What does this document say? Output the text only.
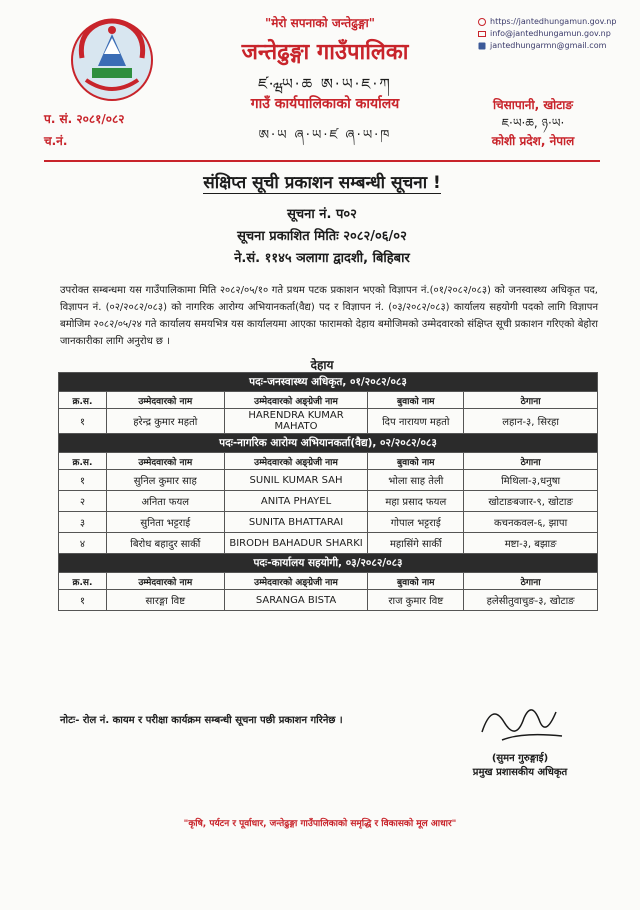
"मेरो सपनाको जन्तेढुङ्गा"
जन्तेढुङ्गा गाउँपालिका
ཛ·ྺ·ཡ·ཆ ཨ·ཡ·ཇ·ཀ
गाउँ कार्यपालिकाको कार्यालय
ཨ·ཡ ཞ·ཡ·ཛ ཞ·ཡ·ཁ
https://jantedhungamun.gov.np
info@jantedhungamun.gov.np
jantedhungarmn@gmail.com
प. सं. २०८१/०८२
च.नं.
चिसापानी, खोटाङ
ཇ·ཡ·ཆ, ཉ·ཡ·
कोशी प्रदेश, नेपाल
संक्षिप्त सूची प्रकाशन सम्बन्धी सूचना !
सूचना नं. प०२
सूचना प्रकाशित मितिः २०८२/०६/०२
ने.सं. ११४५ ञलागा द्वादशी, बिहिबार
उपरोक्त सम्बन्धमा यस गाउँपालिकामा मिति २०८२/०५/१० गते प्रथम पटक प्रकाशन भएको विज्ञापन नं.(०१/२०८२/०८३) को जनस्वास्थ्य अधिकृत पद, विज्ञापन नं. (०२/२०८२/०८३) को नागरिक आरोग्य अभियानकर्ता(वैद्य) पद र विज्ञापन नं. (०३/२०८२/०८३) कार्यालय सहयोगी पदको लागि विज्ञापन बमोजिम २०८२/०५/२४ गते कार्यालय समयभित्र यस कार्यालयमा आएका फारामको देहाय बमोजिमको उम्मेदवारको संक्षिप्त सूची प्रकाशन गरिएको बेहोरा जानकारीका लागि अनुरोध छ ।
देहाय
पदः-जनस्वास्थ्य अधिकृत, ०१/२०८२/०८३				
क्र.स.	उम्मेदवारको नाम	उम्मेदवारको अङ्ग्रेजी नाम	बुवाको नाम	ठेगाना
१	हरेन्द्र कुमार महतो	HARENDRA KUMAR MAHATO	दिप नारायण महतो	लहान-३, सिरहा
पदः-नागरिक आरोग्य अभियानकर्ता(वैद्य), ०२/२०८२/०८३				
क्र.स.	उम्मेदवारको नाम	उम्मेदवारको अङ्ग्रेजी नाम	बुवाको नाम	ठेगाना
१	सुनिल कुमार साह	SUNIL KUMAR SAH	भोला साह तेली	मिथिला-३,धनुषा
२	अनिता फयल	ANITA PHAYEL	महा प्रसाद फयल	खोटाङबजार-९, खोटाङ
३	सुनिता भट्टराई	SUNITA BHATTARAI	गोपाल भट्टराई	कचनकवल-६, झापा
४	बिरोध बहादुर सार्की	BIRODH BAHADUR SHARKI	महासिंगे सार्की	मष्टा-३, बझाङ
पदः-कार्यालय सहयोगी, ०३/२०८२/०८३				
क्र.स.	उम्मेदवारको नाम	उम्मेदवारको अङ्ग्रेजी नाम	बुवाको नाम	ठेगाना
१	सारङ्गा विष्ट	SARANGA BISTA	राज कुमार विष्ट	हलेसीतुवाचुङ-३, खोटाङ
नोटः- रोल नं. कायम र परीक्षा कार्यक्रम सम्बन्धी सूचना पछी प्रकाशन गरिनेछ ।
(सुमन गुरुङ्गाई)
प्रमुख प्रशासकीय अधिकृत
"कृषि, पर्यटन र पूर्वाधार, जन्तेढुङ्गा गाउँपालिकाको समृद्धि र विकासको मूल आधार"
